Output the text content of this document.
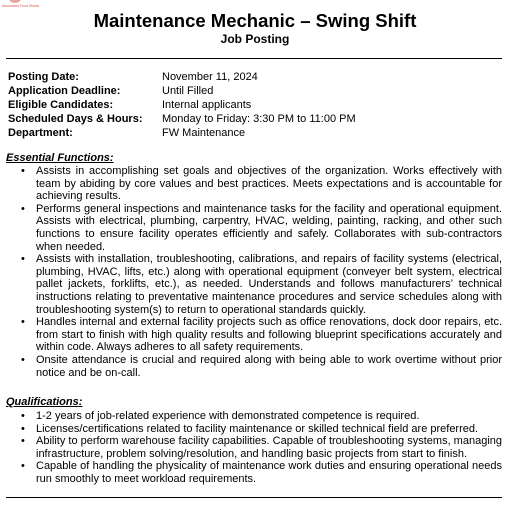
Associated Food Stores
Maintenance Mechanic – Swing Shift
Job Posting
Posting Date:	November 11, 2024
Application Deadline:	Until Filled
Eligible Candidates:	Internal applicants
Scheduled Days & Hours:	Monday to Friday: 3:30 PM to 11:00 PM
Department:	FW Maintenance
Essential Functions:
• Assists in accomplishing set goals and objectives of the organization. Works effectively with team by abiding by core values and best practices. Meets expectations and is accountable for achieving results.
• Performs general inspections and maintenance tasks for the facility and operational equipment. Assists with electrical, plumbing, carpentry, HVAC, welding, painting, racking, and other such functions to ensure facility operates efficiently and safely. Collaborates with sub-contractors when needed.
• Assists with installation, troubleshooting, calibrations, and repairs of facility systems (electrical, plumbing, HVAC, lifts, etc.) along with operational equipment (conveyer belt system, electrical pallet jackets, forklifts, etc.), as needed. Understands and follows manufacturers’ technical instructions relating to preventative maintenance procedures and service schedules along with troubleshooting system(s) to return to operational standards quickly.
• Handles internal and external facility projects such as office renovations, dock door repairs, etc. from start to finish with high quality results and following blueprint specifications accurately and within code. Always adheres to all safety requirements.
• Onsite attendance is crucial and required along with being able to work overtime without prior notice and be on-call.
Qualifications:
• 1-2 years of job-related experience with demonstrated competence is required.
• Licenses/certifications related to facility maintenance or skilled technical field are preferred.
• Ability to perform warehouse facility capabilities. Capable of troubleshooting systems, managing infrastructure, problem solving/resolution, and handling basic projects from start to finish.
• Capable of handling the physicality of maintenance work duties and ensuring operational needs run smoothly to meet workload requirements.
